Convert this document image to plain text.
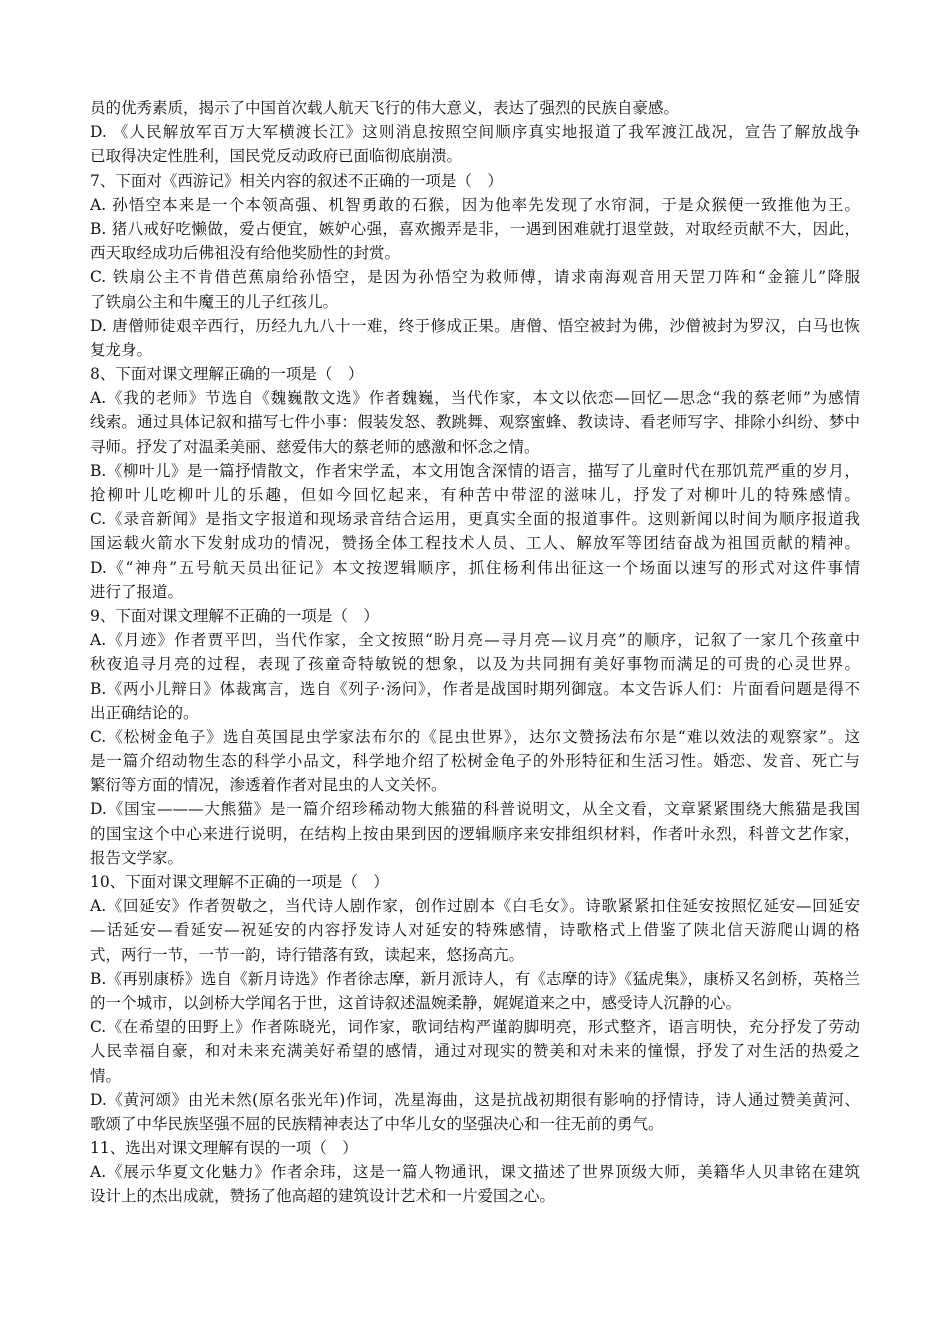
员的优秀素质，揭示了中国首次载人航天飞行的伟大意义，表达了强烈的民族自豪感。
D. 《人民解放军百万大军横渡长江》这则消息按照空间顺序真实地报道了我军渡江战况，宣告了解放战争
已取得决定性胜利，国民党反动政府已面临彻底崩溃。
7、下面对《西游记》相关内容的叙述不正确的一项是（　）
A. 孙悟空本来是一个本领高强、机智勇敢的石猴，因为他率先发现了水帘洞，于是众猴便一致推他为王。
B. 猪八戒好吃懒做，爱占便宜，嫉妒心强，喜欢搬弄是非，一遇到困难就打退堂鼓，对取经贡献不大，因此，
西天取经成功后佛祖没有给他奖励性的封赏。
C. 铁扇公主不肯借芭蕉扇给孙悟空，是因为孙悟空为救师傅，请求南海观音用天罡刀阵和“金箍儿”降服
了铁扇公主和牛魔王的儿子红孩儿。
D. 唐僧师徒艰辛西行，历经九九八十一难，终于修成正果。唐僧、悟空被封为佛，沙僧被封为罗汉，白马也恢
复龙身。
8、下面对课文理解正确的一项是（　）
A.《我的老师》节选自《魏巍散文选》作者魏巍，当代作家，本文以依恋—回忆—思念“我的蔡老师”为感情
线索。通过具体记叙和描写七件小事：假装发怒、教跳舞、观察蜜蜂、教读诗、看老师写字、排除小纠纷、梦中
寻师。抒发了对温柔美丽、慈爱伟大的蔡老师的感激和怀念之情。
B.《柳叶儿》是一篇抒情散文，作者宋学孟，本文用饱含深情的语言，描写了儿童时代在那饥荒严重的岁月，
抢柳叶儿吃柳叶儿的乐趣，但如今回忆起来，有种苦中带涩的滋味儿，抒发了对柳叶儿的特殊感情。
C.《录音新闻》是指文字报道和现场录音结合运用，更真实全面的报道事件。这则新闻以时间为顺序报道我
国运载火箭水下发射成功的情况，赞扬全体工程技术人员、工人、解放军等团结奋战为祖国贡献的精神。
D.《“神舟”五号航天员出征记》本文按逻辑顺序，抓住杨利伟出征这一个场面以速写的形式对这件事情
进行了报道。
9、下面对课文理解不正确的一项是（　）
A.《月迹》作者贾平凹，当代作家，全文按照“盼月亮—寻月亮—议月亮”的顺序，记叙了一家几个孩童中
秋夜追寻月亮的过程，表现了孩童奇特敏锐的想象，以及为共同拥有美好事物而满足的可贵的心灵世界。
B.《两小儿辩日》体裁寓言，选自《列子·汤问》，作者是战国时期列御寇。本文告诉人们：片面看问题是得不
出正确结论的。
C.《松树金龟子》选自英国昆虫学家法布尔的《昆虫世界》，达尔文赞扬法布尔是“难以效法的观察家”。这
是一篇介绍动物生态的科学小品文，科学地介绍了松树金龟子的外形特征和生活习性。婚恋、发音、死亡与
繁衍等方面的情况，渗透着作者对昆虫的人文关怀。
D.《国宝———大熊猫》是一篇介绍珍稀动物大熊猫的科普说明文，从全文看，文章紧紧围绕大熊猫是我国
的国宝这个中心来进行说明，在结构上按由果到因的逻辑顺序来安排组织材料，作者叶永烈，科普文艺作家，
报告文学家。
10、下面对课文理解不正确的一项是（　）
A.《回延安》作者贺敬之，当代诗人剧作家，创作过剧本《白毛女》。诗歌紧紧扣住延安按照忆延安—回延安
—话延安—看延安—祝延安的内容抒发诗人对延安的特殊感情，诗歌格式上借鉴了陕北信天游爬山调的格
式，两行一节，一节一韵，诗行错落有致，读起来，悠扬高亢。
B.《再别康桥》选自《新月诗选》作者徐志摩，新月派诗人，有《志摩的诗》《猛虎集》，康桥又名剑桥，英格兰
的一个城市，以剑桥大学闻名于世，这首诗叙述温婉柔静，娓娓道来之中，感受诗人沉静的心。
C.《在希望的田野上》作者陈晓光，词作家，歌词结构严谨韵脚明亮，形式整齐，语言明快，充分抒发了劳动
人民幸福自豪，和对未来充满美好希望的感情，通过对现实的赞美和对未来的憧憬，抒发了对生活的热爱之
情。
D.《黄河颂》由光未然(原名张光年)作词，冼星海曲，这是抗战初期很有影响的抒情诗，诗人通过赞美黄河、
歌颂了中华民族坚强不屈的民族精神表达了中华儿女的坚强决心和一往无前的勇气。
11、选出对课文理解有误的一项（　）
A.《展示华夏文化魅力》作者余玮，这是一篇人物通讯，课文描述了世界顶级大师，美籍华人贝聿铭在建筑
设计上的杰出成就，赞扬了他高超的建筑设计艺术和一片爱国之心。
